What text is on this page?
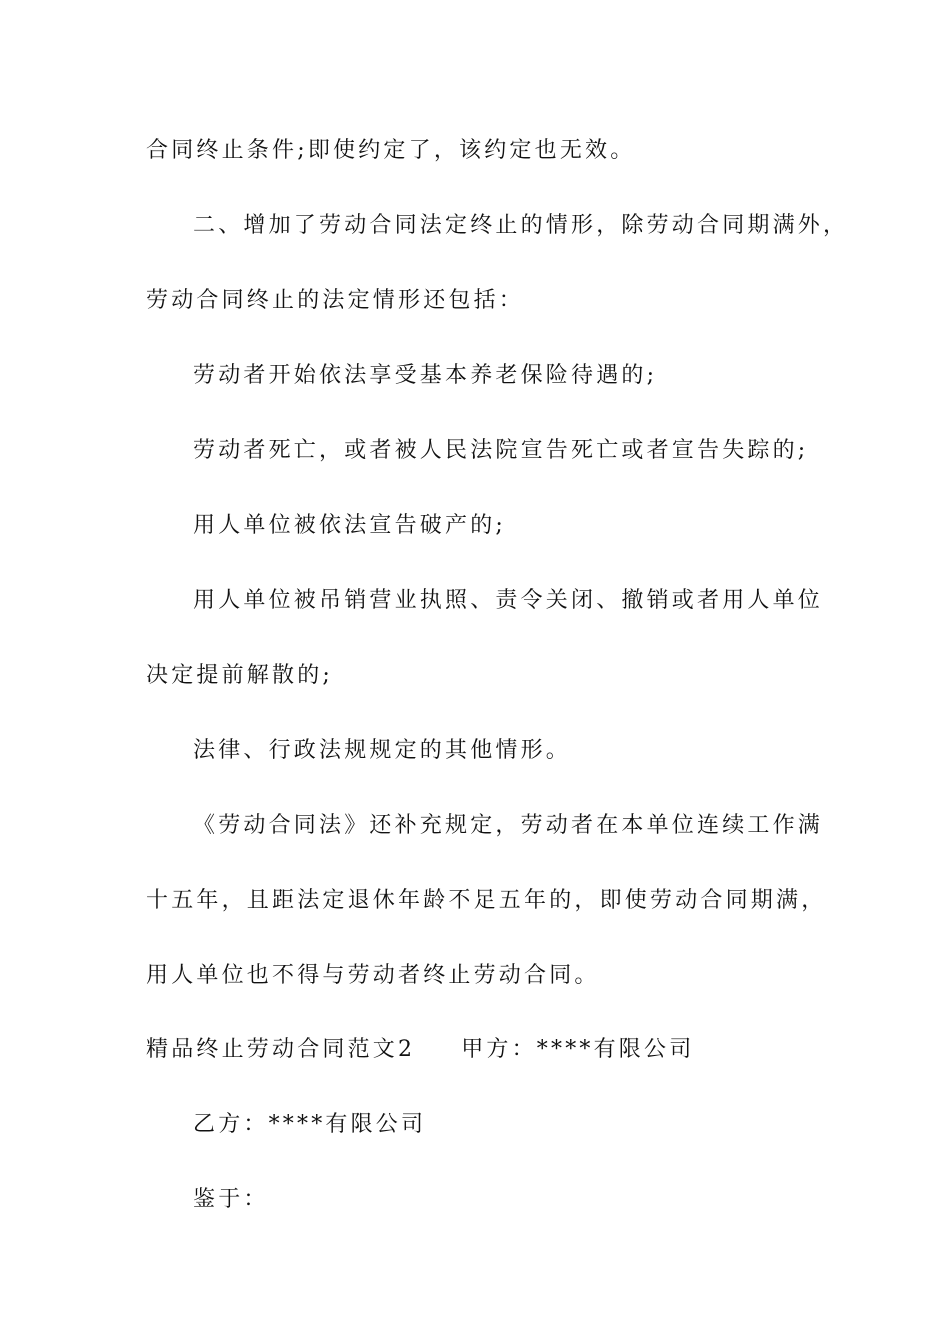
合同终止条件;即使约定了，该约定也无效。
二、增加了劳动合同法定终止的情形，除劳动合同期满外，
劳动合同终止的法定情形还包括：
劳动者开始依法享受基本养老保险待遇的;
劳动者死亡，或者被人民法院宣告死亡或者宣告失踪的;
用人单位被依法宣告破产的;
用人单位被吊销营业执照、责令关闭、撤销或者用人单位
决定提前解散的;
法律、行政法规规定的其他情形。
《劳动合同法》还补充规定，劳动者在本单位连续工作满
十五年，且距法定退休年龄不足五年的，即使劳动合同期满，
用人单位也不得与劳动者终止劳动合同。
精品终止劳动合同范文2 甲方：****有限公司
乙方：****有限公司
鉴于：
